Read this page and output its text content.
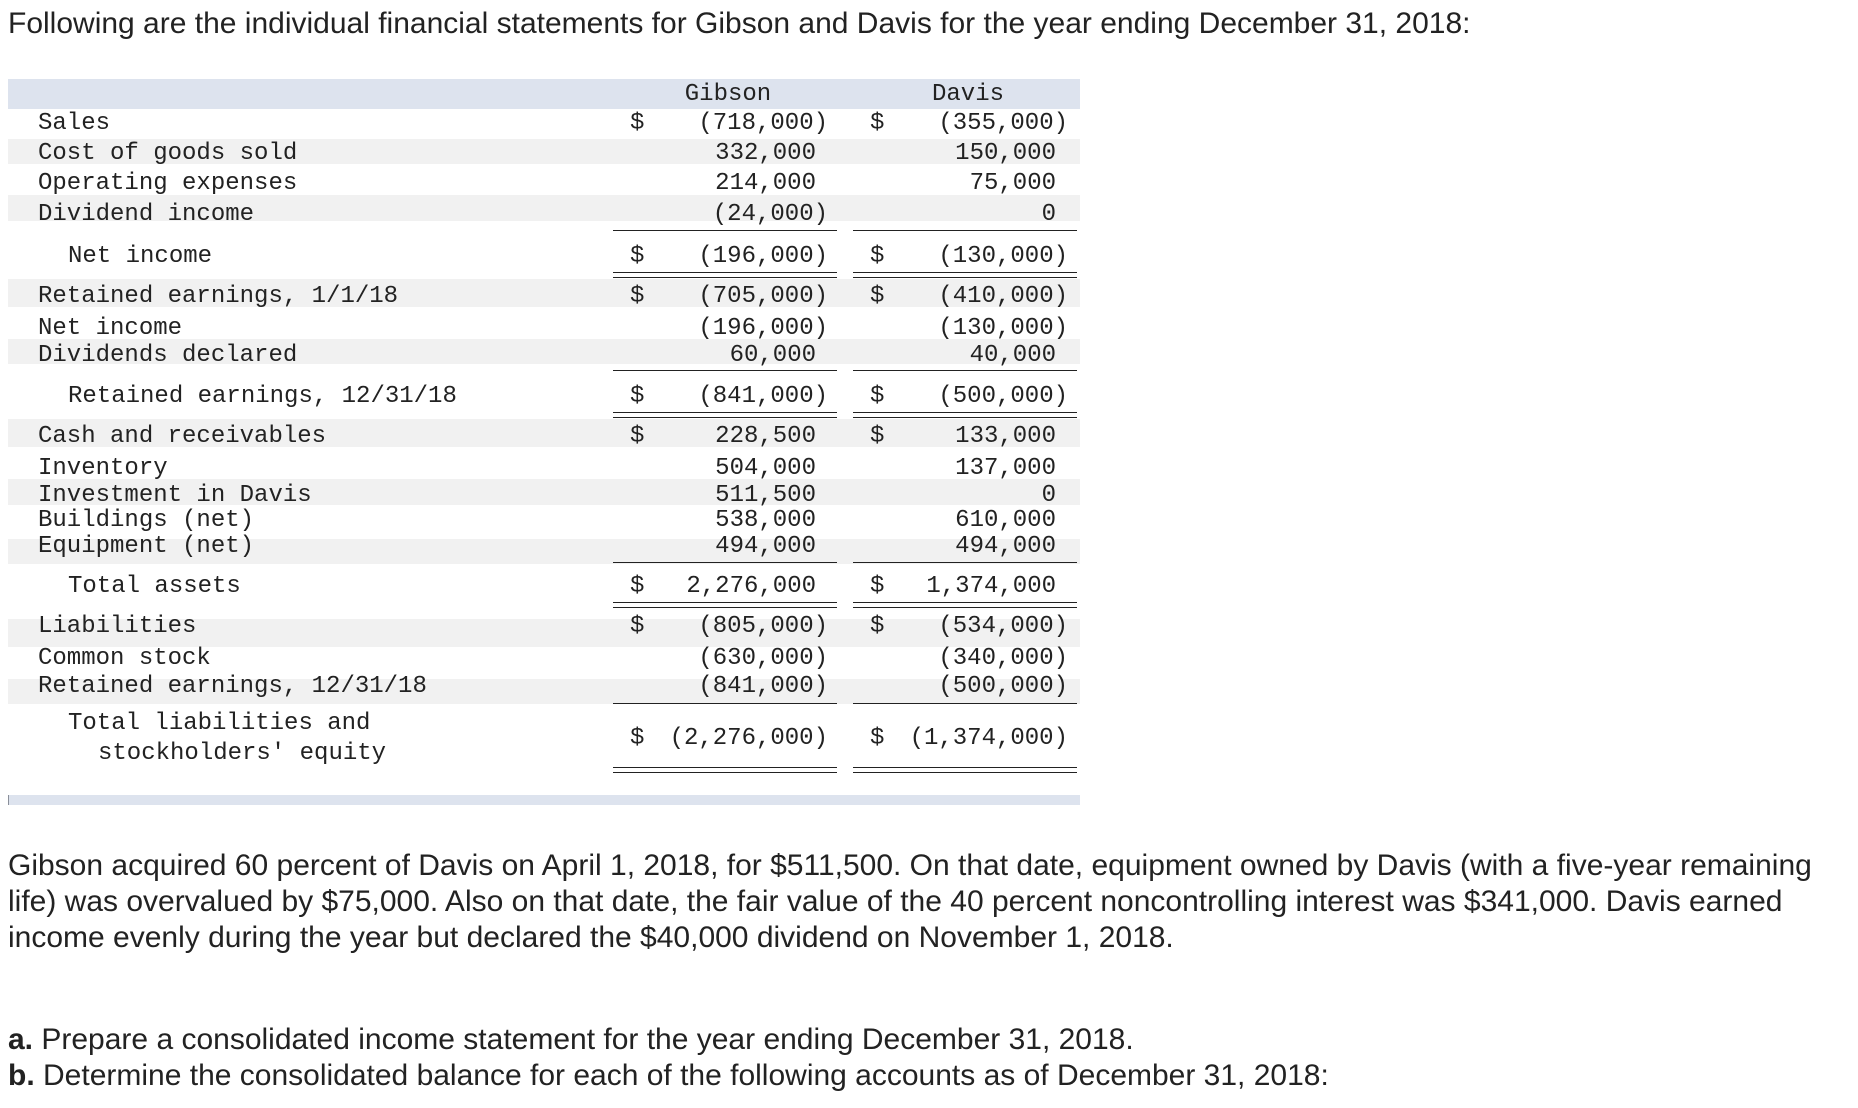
Following are the individual financial statements for Gibson and Davis for the year ending December 31, 2018:

Gibson	Davis
Sales	$	(718,000) $	(355,000)
Cost of goods sold	332,000	150,000
Operating expenses	214,000	75,000
Dividend income	(24,000)	0
Net income	$	(196,000) $	(130,000)
Retained earnings, 1/1/18	$	(705,000) $	(410,000)
Net income	(196,000)	(130,000)
Dividends declared	60,000	40,000
Retained earnings, 12/31/18	$	(841,000) $	(500,000)
Cash and receivables	$	228,500 $	133,000
Inventory	504,000	137,000
Investment in Davis	511,500	0
Buildings (net)	538,000	610,000
Equipment (net)	494,000	494,000
Total assets	$	2,276,000 $	1,374,000
Liabilities	$	(805,000) $	(534,000)
Common stock	(630,000)	(340,000)
Retained earnings, 12/31/18	(841,000)	(500,000)
Total liabilities and
stockholders' equity
$	(2,276,000) $	(1,374,000)

Gibson acquired 60 percent of Davis on April 1, 2018, for $511,500. On that date, equipment owned by Davis (with a five-year remaining life) was overvalued by $75,000. Also on that date, the fair value of the 40 percent noncontrolling interest was $341,000. Davis earned income evenly during the year but declared the $40,000 dividend on November 1, 2018.

a. Prepare a consolidated income statement for the year ending December 31, 2018.

b. Determine the consolidated balance for each of the following accounts as of December 31, 2018:
